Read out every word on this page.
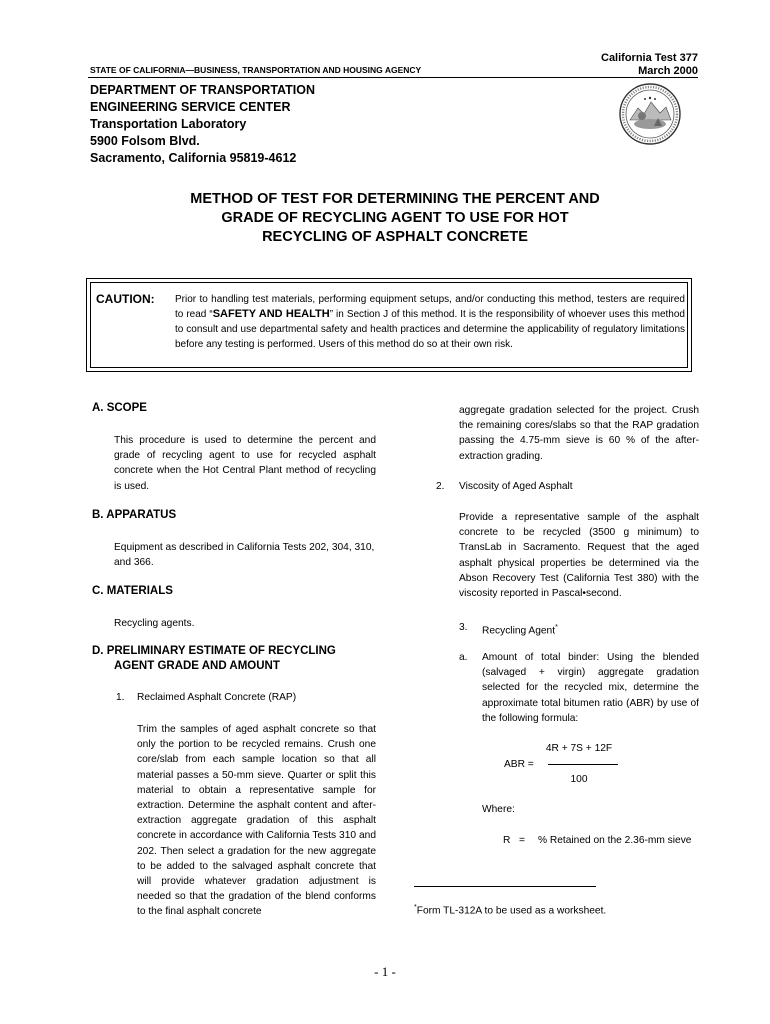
California Test 377
March 2000
STATE OF CALIFORNIA—BUSINESS, TRANSPORTATION AND HOUSING AGENCY
DEPARTMENT OF TRANSPORTATION
ENGINEERING SERVICE CENTER
Transportation Laboratory
5900 Folsom Blvd.
Sacramento, California 95819-4612
METHOD OF TEST FOR DETERMINING THE PERCENT AND
GRADE OF RECYCLING AGENT TO USE FOR HOT
RECYCLING OF ASPHALT CONCRETE
CAUTION: Prior to handling test materials, performing equipment setups, and/or conducting this method, testers are required to read “SAFETY AND HEALTH” in Section J of this method. It is the responsibility of whoever uses this method to consult and use departmental safety and health practices and determine the applicability of regulatory limitations before any testing is performed. Users of this method do so at their own risk.
A. SCOPE
This procedure is used to determine the percent and grade of recycling agent to use for recycled asphalt concrete when the Hot Central Plant method of recycling is used.
B. APPARATUS
Equipment as described in California Tests 202, 304, 310, and 366.
C. MATERIALS
Recycling agents.
D. PRELIMINARY ESTIMATE OF RECYCLING
AGENT GRADE AND AMOUNT
1. Reclaimed Asphalt Concrete (RAP)
Trim the samples of aged asphalt concrete so that only the portion to be recycled remains. Crush one core/slab from each sample location so that all material passes a 50-mm sieve. Quarter or split this material to obtain a representative sample for extraction. Determine the asphalt content and after-extraction aggregate gradation of this asphalt concrete in accordance with California Tests 310 and 202. Then select a gradation for the new aggregate to be added to the salvaged asphalt concrete that will provide whatever gradation adjustment is needed so that the gradation of the blend conforms to the final asphalt concrete
aggregate gradation selected for the project. Crush the remaining cores/slabs so that the RAP gradation passing the 4.75-mm sieve is 60 % of the after-extraction grading.
2. Viscosity of Aged Asphalt
Provide a representative sample of the asphalt concrete to be recycled (3500 g minimum) to TransLab in Sacramento. Request that the aged asphalt physical properties be determined via the Abson Recovery Test (California Test 380) with the viscosity reported in Pascal•second.
3. Recycling Agent*
a. Amount of total binder: Using the blended (salvaged + virgin) aggregate gradation selected for the recycled mix, determine the approximate total bitumen ratio (ABR) by use of the following formula:
4R + 7S + 12F
ABR =
100
Where:
R = % Retained on the 2.36-mm sieve
*Form TL-312A to be used as a worksheet.
- 1 -
